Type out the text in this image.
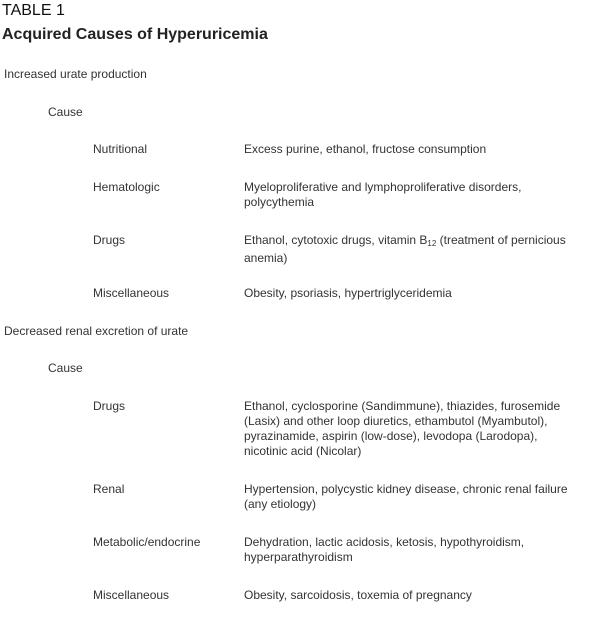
TABLE 1
Acquired Causes of Hyperuricemia
Increased urate production
Cause
Nutritional	Excess purine, ethanol, fructose consumption
Hematologic	Myeloproliferative and lymphoproliferative disorders, polycythemia
Drugs	Ethanol, cytotoxic drugs, vitamin $B_{12}$ (treatment of pernicious anemia)
Miscellaneous	Obesity, psoriasis, hypertriglyceridemia
Decreased renal excretion of urate
Cause
Drugs	Ethanol, cyclosporine (Sandimmune), thiazides, furosemide (Lasix) and other loop diuretics, ethambutol (Myambutol), pyrazinamide, aspirin (low-dose), levodopa (Larodopa), nicotinic acid (Nicolar)
Renal	Hypertension, polycystic kidney disease, chronic renal failure (any etiology)
Metabolic/endocrine	Dehydration, lactic acidosis, ketosis, hypothyroidism, hyperparathyroidism
Miscellaneous	Obesity, sarcoidosis, toxemia of pregnancy
